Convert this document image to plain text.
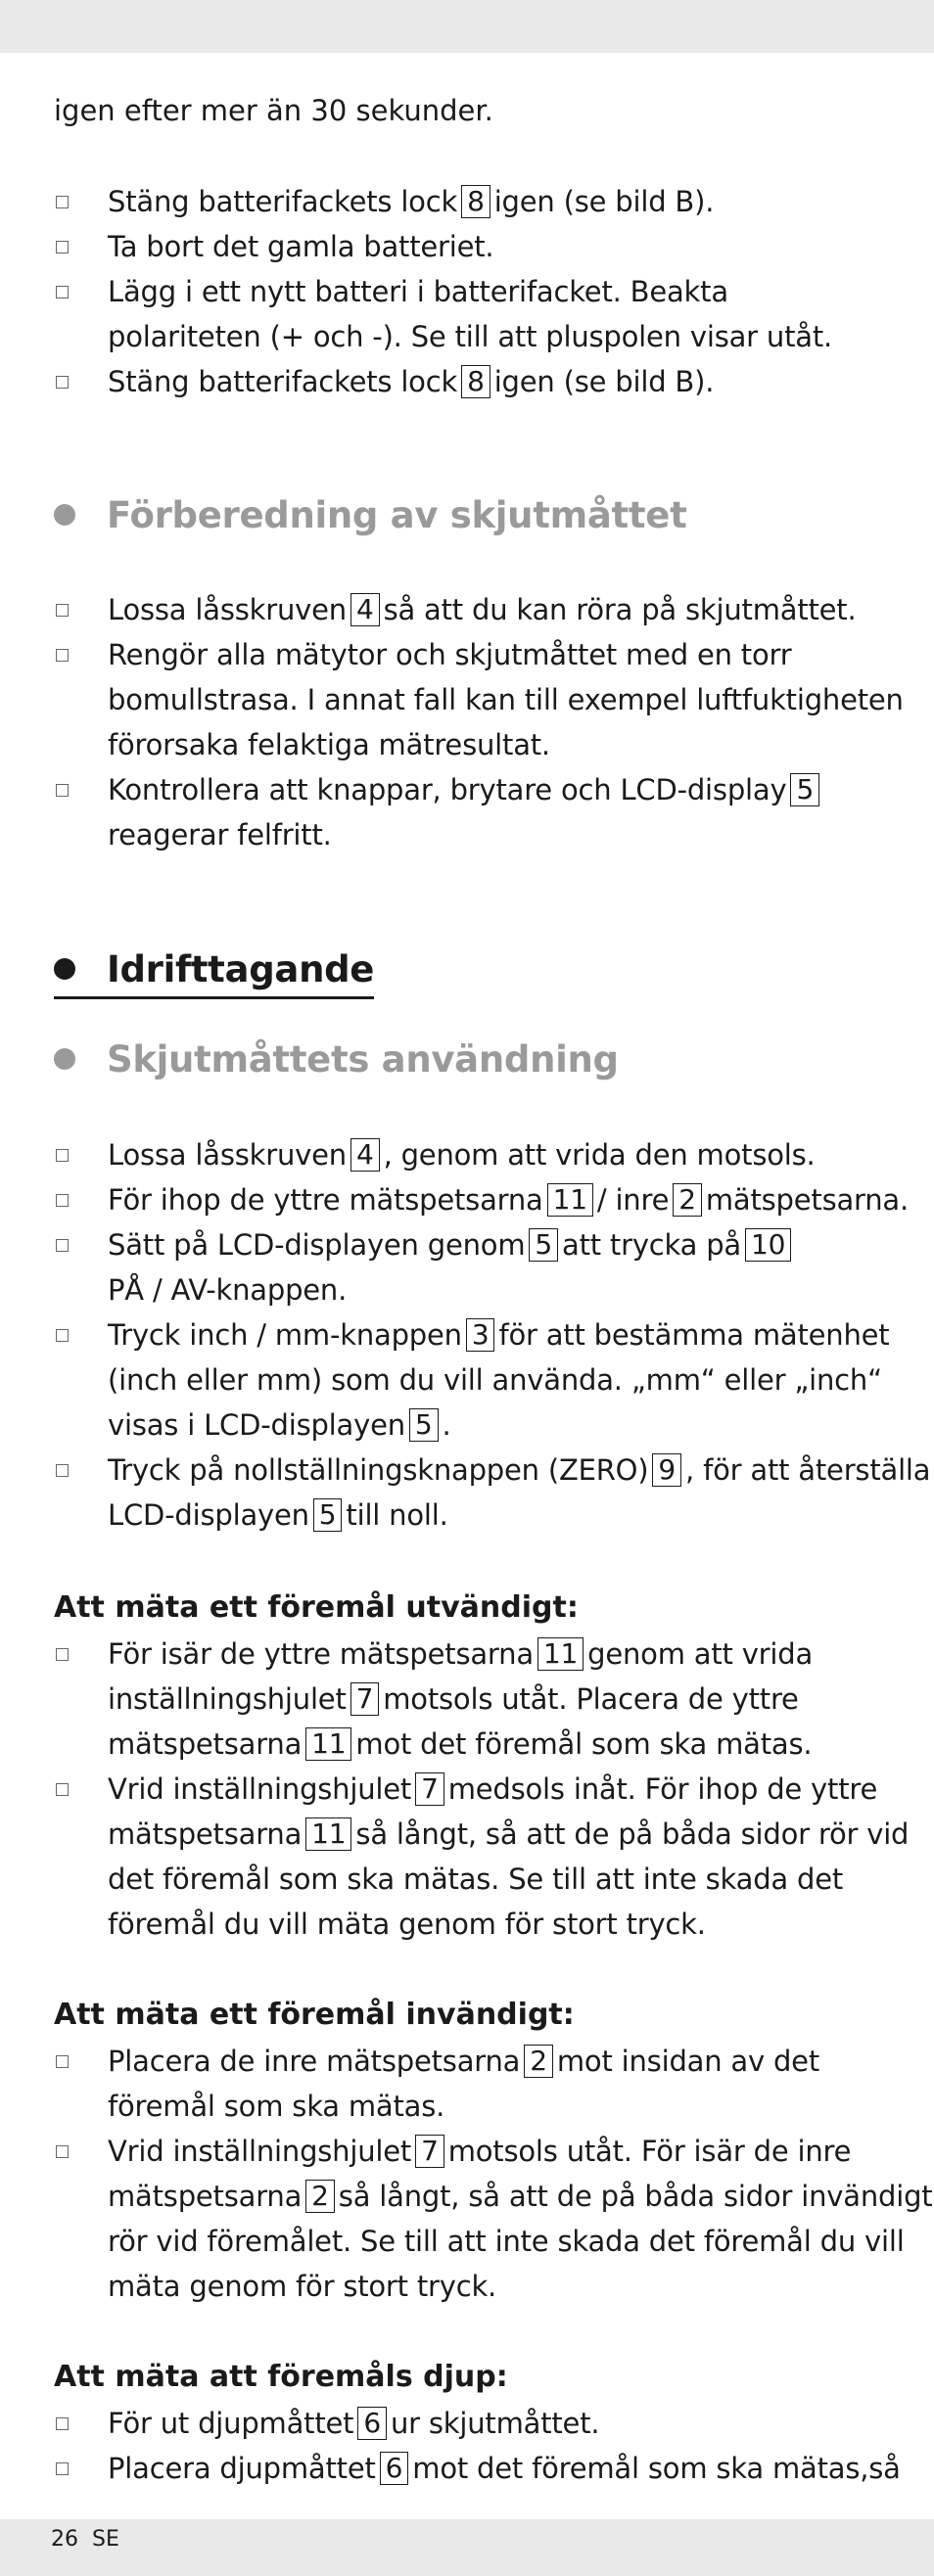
igen efter mer än 30 sekunder.
Stäng batterifackets lock 8 igen (se bild B).
Ta bort det gamla batteriet.
Lägg i ett nytt batteri i batterifacket. Beakta polariteten (+ och -). Se till att pluspolen visar utåt.
Stäng batterifackets lock 8 igen (se bild B).
Förberedning av skjutmåttet
Lossa låsskruven 4 så att du kan röra på skjutmåttet.
Rengör alla mätytor och skjutmåttet med en torr bomullstrasa. I annat fall kan till exempel luftfuktigheten förorsaka felaktiga mätresultat.
Kontrollera att knappar, brytare och LCD-display 5reagerar felfritt.
Idrifttagande
Skjutmåttets användning
Lossa låsskruven 4 , genom att vrida den motsols.
För ihop de yttre mätspetsarna 11 / inre 2 mätspetsarna.
Sätt på LCD-displayen genom 5 att trycka på 10PÅ / AV-knappen.
Tryck inch / mm-knappen 3 för att bestämma mätenhet (inch eller mm) som du vill använda. „mm“ eller „inch“ visas i LCD-displayen 5 .
Tryck på nollställningsknappen (ZERO) 9 , för att återställa LCD-displayen 5 till noll.
Att mäta ett föremål utvändigt:
För isär de yttre mätspetsarna 11 genom att vrida inställningshjulet 7 motsols utåt. Placera de yttre mätspetsarna 11 mot det föremål som ska mätas.
Vrid inställningshjulet 7 medsols inåt. För ihop de yttre mätspetsarna 11 så långt, så att de på båda sidor rör vid det föremål som ska mätas. Se till att inte skada det föremål du vill mäta genom för stort tryck.
Att mäta ett föremål invändigt:
Placera de inre mätspetsarna 2 mot insidan av det föremål som ska mätas.
Vrid inställningshjulet 7 motsols utåt. För isär de inre mätspetsarna 2 så långt, så att de på båda sidor invändigt rör vid föremålet. Se till att inte skada det föremål du vill mäta genom för stort tryck.
Att mäta att föremåls djup:
För ut djupmåttet 6 ur skjutmåttet.
Placera djupmåttet 6 mot det föremål som ska mätas,så
26 SE
